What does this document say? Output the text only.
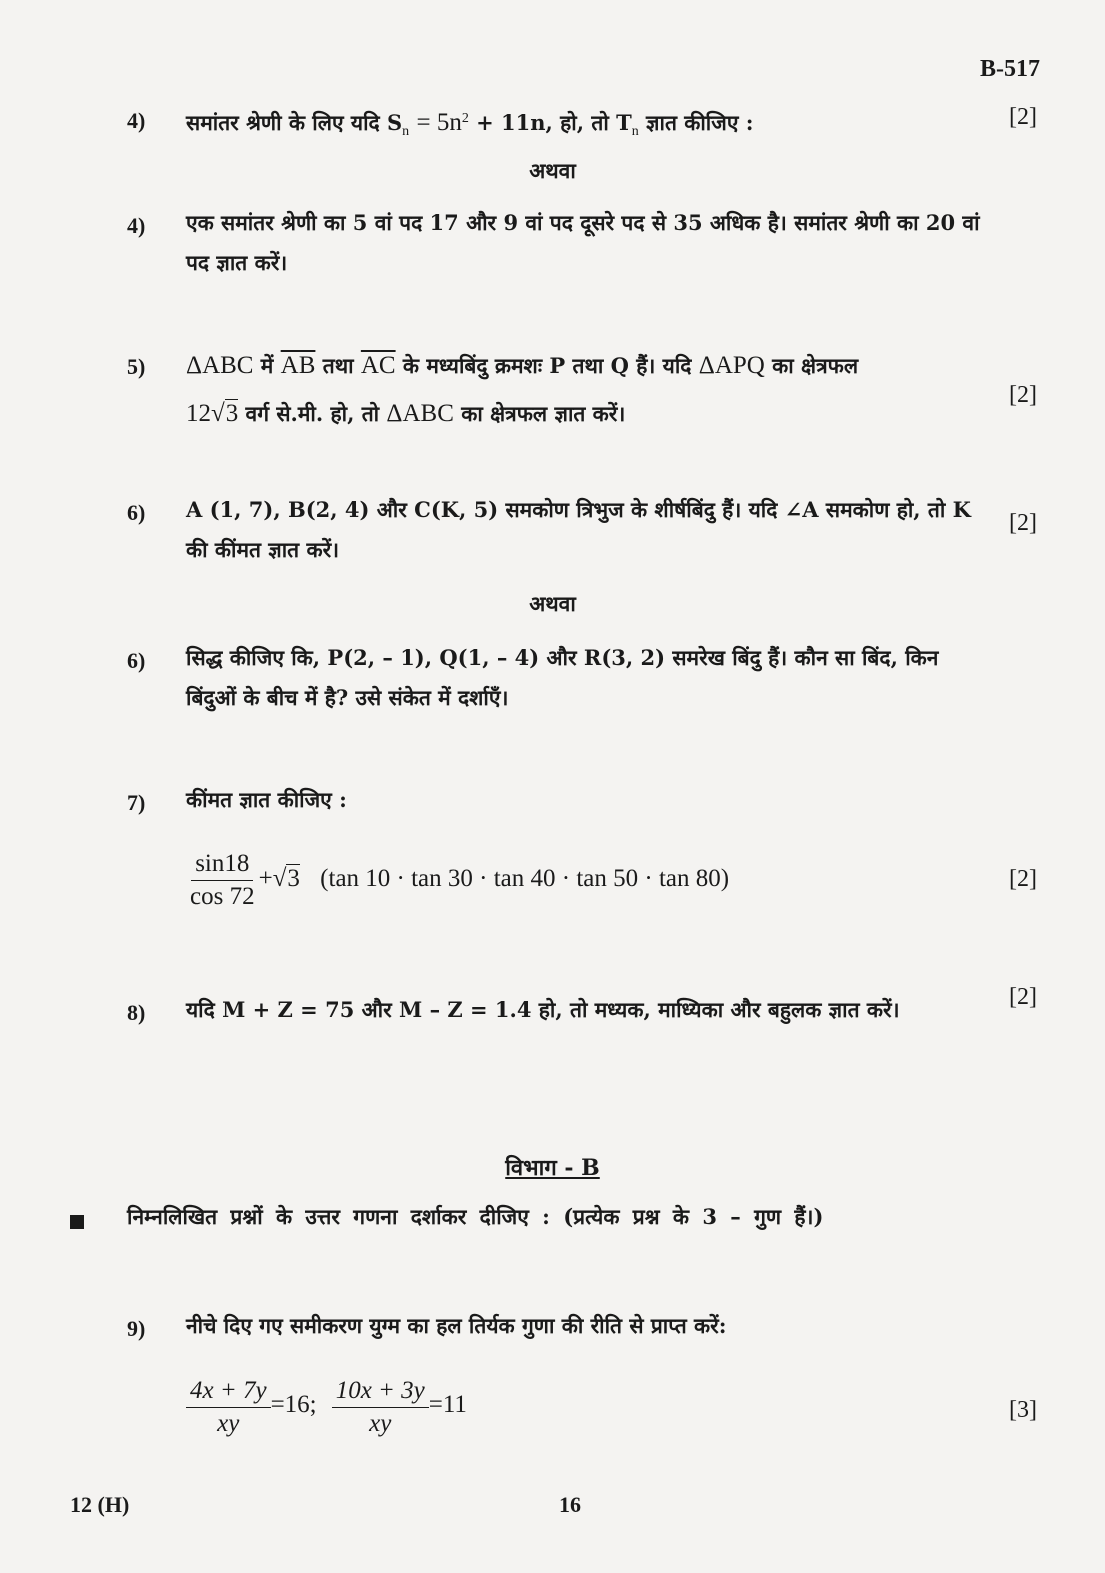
B-517
4) समांतर श्रेणी के लिए यदि $S_n = 5n^2 + 11n$, हो, तो $T_n$ ज्ञात कीजिए :	[2]
अथवा
4) एक समांतर श्रेणी का 5 वां पद 17 और 9 वां पद दूसरे पद से 35 अधिक है। समांतर श्रेणी का 20 वां पद ज्ञात करें।
5) ΔABC में $\overline{AB}$ तथा $\overline{AC}$ के मध्यबिंदु क्रमशः P तथा Q हैं। यदि ΔAPQ का क्षेत्रफल
12√3 वर्ग से.मी. हो, तो ΔABC का क्षेत्रफल ज्ञात करें।
[2]
6) A (1, 7), B(2, 4) और C(K, 5) समकोण त्रिभुज के शीर्षबिंदु हैं। यदि ∠A समकोण हो, तो K की कींमत ज्ञात करें।
[2]
अथवा
6) सिद्ध कीजिए कि, P(2, – 1), Q(1, – 4) और R(3, 2) समरेख बिंदु हैं। कौन सा बिंद, किन बिंदुओं के बीच में है? उसे संकेत में दर्शाएँ।
7) कींमत ज्ञात कीजिए :
$\frac{\sin 18}{\cos 72} +√3$ (tan 10 · tan 30 · tan 40 · tan 50 · tan 80)	[2]
8) यदि M + Z = 75 और M – Z = 1.4 हो, तो मध्यक, माध्यिका और बहुलक ज्ञात करें।	[2]
विभाग - B
निम्नलिखित प्रश्नों के उत्तर गणना दर्शाकर दीजिए : (प्रत्येक प्रश्न के 3 – गुण हैं।)
9) नीचे दिए गए समीकरण युग्म का हल तिर्यक गुणा की रीति से प्राप्त करें:
$\frac{4x + 7y}{xy} =16$; $\frac{10x + 3y}{xy} =11$	[3]
12 (H)	16
